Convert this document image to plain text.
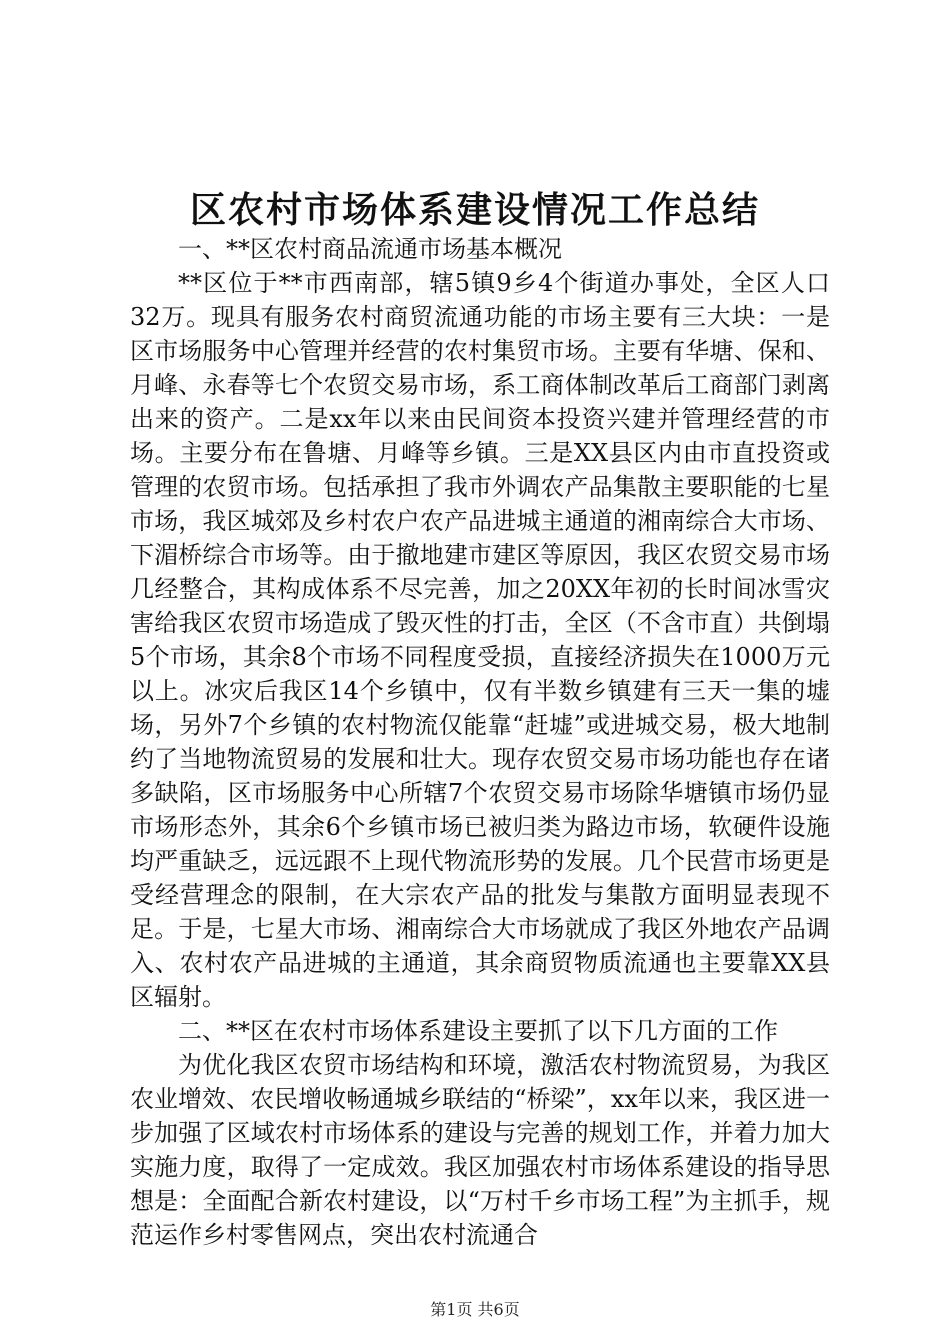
区农村市场体系建设情况工作总结

一、**区农村商品流通市场基本概况

**区位于**市西南部，辖5镇9乡4个街道办事处，全区人口32万。现具有服务农村商贸流通功能的市场主要有三大块：一是区市场服务中心管理并经营的农村集贸市场。主要有华塘、保和、月峰、永春等七个农贸交易市场，系工商体制改革后工商部门剥离出来的资产。二是xx年以来由民间资本投资兴建并管理经营的市场。主要分布在鲁塘、月峰等乡镇。三是XX县区内由市直投资或管理的农贸市场。包括承担了我市外调农产品集散主要职能的七星市场，我区城郊及乡村农户农产品进城主通道的湘南综合大市场、下湄桥综合市场等。由于撤地建市建区等原因，我区农贸交易市场几经整合，其构成体系不尽完善，加之20XX年初的长时间冰雪灾害给我区农贸市场造成了毁灭性的打击，全区（不含市直）共倒塌5个市场，其余8个市场不同程度受损，直接经济损失在1000万元以上。冰灾后我区14个乡镇中，仅有半数乡镇建有三天一集的墟场，另外7个乡镇的农村物流仅能靠“赶墟”或进城交易，极大地制约了当地物流贸易的发展和壮大。现存农贸交易市场功能也存在诸多缺陷，区市场服务中心所辖7个农贸交易市场除华塘镇市场仍显市场形态外，其余6个乡镇市场已被归类为路边市场，软硬件设施均严重缺乏，远远跟不上现代物流形势的发展。几个民营市场更是受经营理念的限制，在大宗农产品的批发与集散方面明显表现不足。于是，七星大市场、湘南综合大市场就成了我区外地农产品调入、农村农产品进城的主通道，其余商贸物质流通也主要靠XX县区辐射。

二、**区在农村市场体系建设主要抓了以下几方面的工作

为优化我区农贸市场结构和环境，激活农村物流贸易，为我区农业增效、农民增收畅通城乡联结的“桥梁”，xx年以来，我区进一步加强了区域农村市场体系的建设与完善的规划工作，并着力加大实施力度，取得了一定成效。我区加强农村市场体系建设的指导思想是：全面配合新农村建设，以“万村千乡市场工程”为主抓手，规范运作乡村零售网点，突出农村流通合

第1页 共6页
